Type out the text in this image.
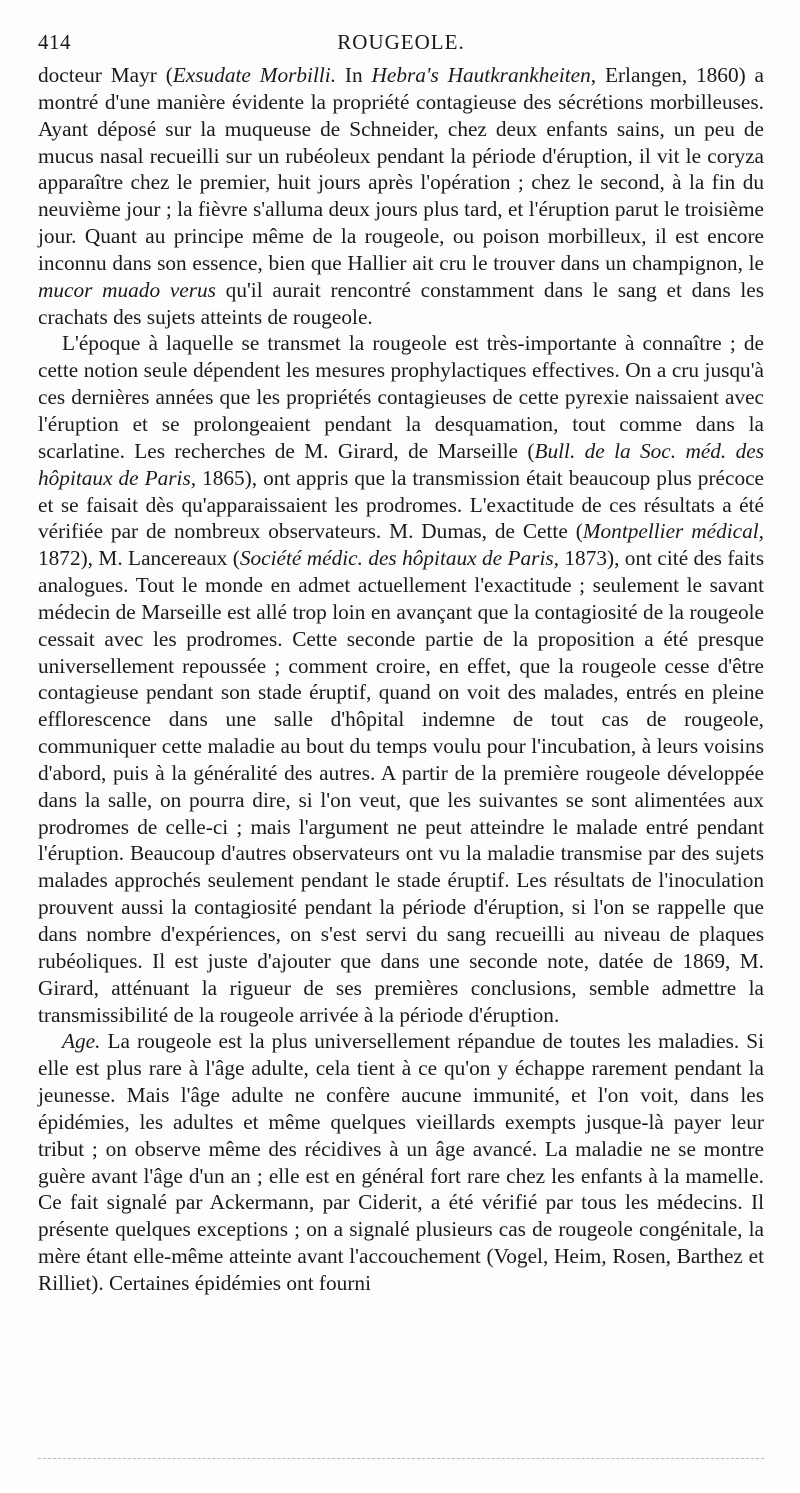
414	ROUGEOLE.

docteur Mayr (Exsudate Morbilli. In Hebra's Hautkrankheiten, Erlangen, 1860) a montré d'une manière évidente la propriété contagieuse des sécrétions morbilleuses. Ayant déposé sur la muqueuse de Schneider, chez deux enfants sains, un peu de mucus nasal recueilli sur un rubéoleux pendant la période d'éruption, il vit le coryza apparaître chez le premier, huit jours après l'opération ; chez le second, à la fin du neuvième jour ; la fièvre s'alluma deux jours plus tard, et l'éruption parut le troisième jour. Quant au principe même de la rougeole, ou poison morbilleux, il est encore inconnu dans son essence, bien que Hallier ait cru le trouver dans un champignon, le mucor muado verus qu'il aurait rencontré constamment dans le sang et dans les crachats des sujets atteints de rougeole.

L'époque à laquelle se transmet la rougeole est très-importante à connaître ; de cette notion seule dépendent les mesures prophylactiques effectives. On a cru jusqu'à ces dernières années que les propriétés contagieuses de cette pyrexie naissaient avec l'éruption et se prolongeaient pendant la desquamation, tout comme dans la scarlatine. Les recherches de M. Girard, de Marseille (Bull. de la Soc. méd. des hôpitaux de Paris, 1865), ont appris que la transmission était beaucoup plus précoce et se faisait dès qu'apparaissaient les prodromes. L'exactitude de ces résultats a été vérifiée par de nombreux observateurs. M. Dumas, de Cette (Montpellier médical, 1872), M. Lancereaux (Société médic. des hôpitaux de Paris, 1873), ont cité des faits analogues. Tout le monde en admet actuellement l'exactitude ; seulement le savant médecin de Marseille est allé trop loin en avançant que la contagiosité de la rougeole cessait avec les prodromes. Cette seconde partie de la proposition a été presque universellement repoussée ; comment croire, en effet, que la rougeole cesse d'être contagieuse pendant son stade éruptif, quand on voit des malades, entrés en pleine efflorescence dans une salle d'hôpital indemne de tout cas de rougeole, communiquer cette maladie au bout du temps voulu pour l'incubation, à leurs voisins d'abord, puis à la généralité des autres. A partir de la première rougeole développée dans la salle, on pourra dire, si l'on veut, que les suivantes se sont alimentées aux prodromes de celle-ci ; mais l'argument ne peut atteindre le malade entré pendant l'éruption. Beaucoup d'autres observateurs ont vu la maladie transmise par des sujets malades approchés seulement pendant le stade éruptif. Les résultats de l'inoculation prouvent aussi la contagiosité pendant la période d'éruption, si l'on se rappelle que dans nombre d'expériences, on s'est servi du sang recueilli au niveau de plaques rubéoliques. Il est juste d'ajouter que dans une seconde note, datée de 1869, M. Girard, atténuant la rigueur de ses premières conclusions, semble admettre la transmissibilité de la rougeole arrivée à la période d'éruption.

Age. La rougeole est la plus universellement répandue de toutes les maladies. Si elle est plus rare à l'âge adulte, cela tient à ce qu'on y échappe rarement pendant la jeunesse. Mais l'âge adulte ne confère aucune immunité, et l'on voit, dans les épidémies, les adultes et même quelques vieillards exempts jusque-là payer leur tribut ; on observe même des récidives à un âge avancé. La maladie ne se montre guère avant l'âge d'un an ; elle est en général fort rare chez les enfants à la mamelle. Ce fait signalé par Ackermann, par Ciderit, a été vérifié par tous les médecins. Il présente quelques exceptions ; on a signalé plusieurs cas de rougeole congénitale, la mère étant elle-même atteinte avant l'accouchement (Vogel, Heim, Rosen, Barthez et Rilliet). Certaines épidémies ont fourni
